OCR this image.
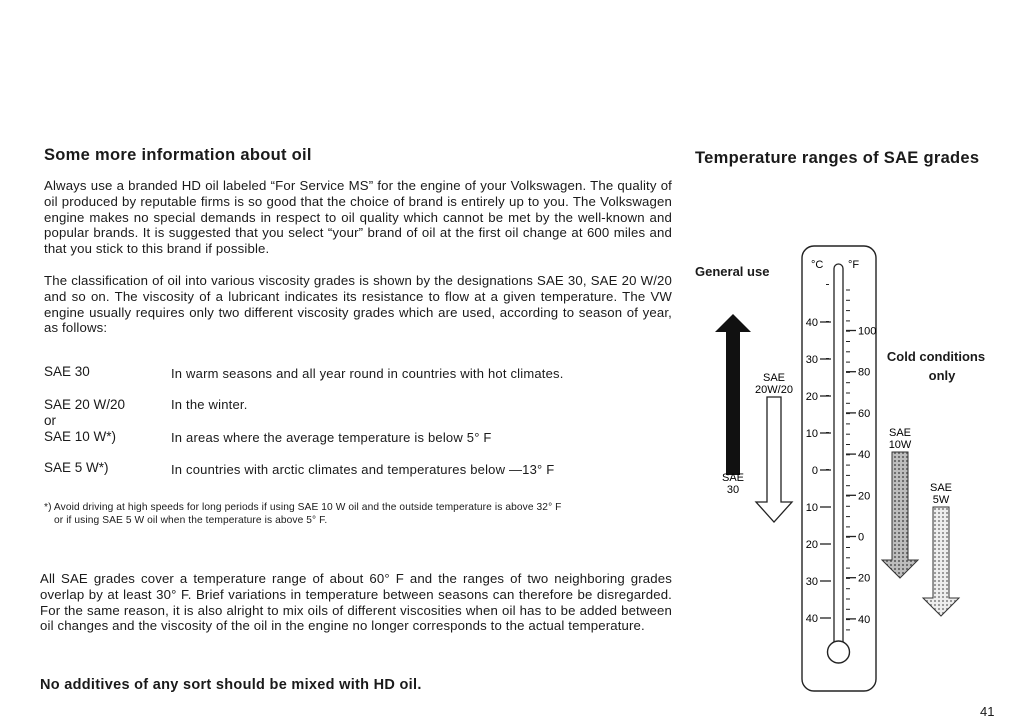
Some more information about oil
Always use a branded HD oil labeled “For Service MS” for the engine of your Volkswagen. The quality of oil produced by reputable firms is so good that the choice of brand is entirely up to you. The Volkswagen engine makes no special demands in respect to oil quality which cannot be met by the well-known and popular brands. It is suggested that you select “your” brand of oil at the first oil change at 600 miles and that you stick to this brand if possible.
The classification of oil into various viscosity grades is shown by the designations SAE 30, SAE 20 W/20 and so on. The viscosity of a lubricant indicates its resistance to flow at a given temperature. The VW engine usually requires only two different viscosity grades which are used, according to season of year, as follows:
SAE 30	In warm seasons and all year round in countries with hot climates.
SAE 20 W/20	In the winter.
or
SAE 10 W*)	In areas where the average temperature is below 5° F
SAE 5 W*)	In countries with arctic climates and temperatures below —13° F
*) Avoid driving at high speeds for long periods if using SAE 10 W oil and the outside temperature is above 32° F
or if using SAE 5 W oil when the temperature is above 5° F.
All SAE grades cover a temperature range of about 60° F and the ranges of two neighboring grades overlap by at least 30° F. Brief variations in temperature between seasons can therefore be disregarded. For the same reason, it is also alright to mix oils of different viscosities when oil has to be added between oil changes and the viscosity of the oil in the engine no longer corresponds to the actual temperature.
No additives of any sort should be mixed with HD oil.
Temperature ranges of SAE grades
General use
Cold conditions
only
SAE
30
SAE
20W/20
°C °F
40
30
20
10
0
10
20
30
40
100
80
60
40
20
0
20
40
SAE
10W
SAE
5W
41
